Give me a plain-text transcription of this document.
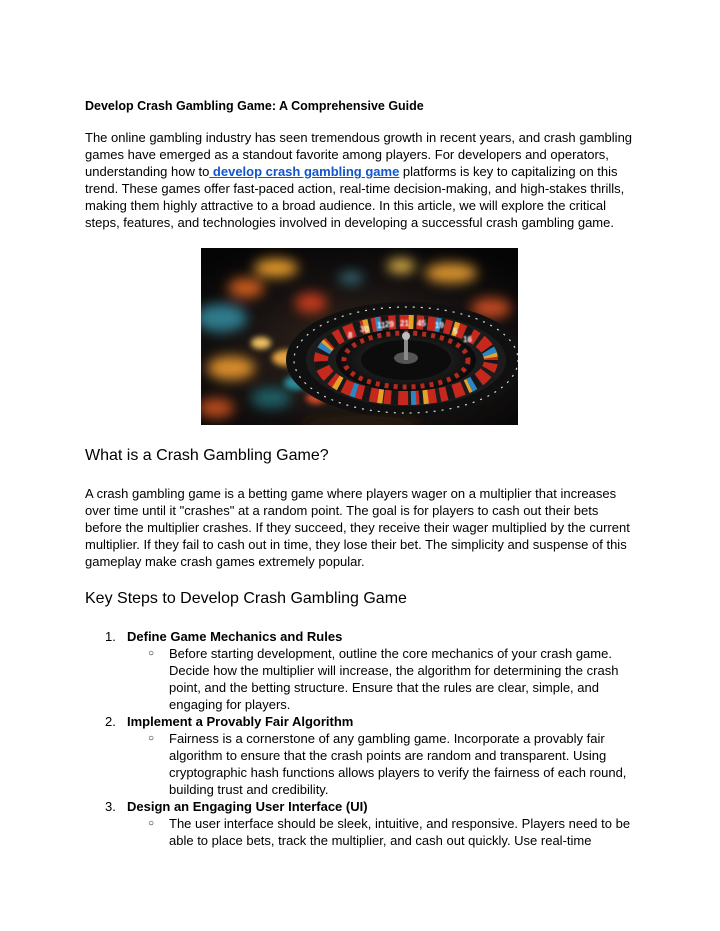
Develop Crash Gambling Game: A Comprehensive Guide

The online gambling industry has seen tremendous growth in recent years, and crash gambling games have emerged as a standout favorite among players. For developers and operators, understanding how to develop crash gambling game platforms is key to capitalizing on this trend. These games offer fast-paced action, real-time decision-making, and high-stakes thrills, making them highly attractive to a broad audience. In this article, we will explore the critical steps, features, and technologies involved in developing a successful crash gambling game.

8
30 11 29 21 45 19
5
16
What is a Crash Gambling Game?

A crash gambling game is a betting game where players wager on a multiplier that increases over time until it "crashes" at a random point. The goal is for players to cash out their bets before the multiplier crashes. If they succeed, they receive their wager multiplied by the current multiplier. If they fail to cash out in time, they lose their bet. The simplicity and suspense of this gameplay make crash games extremely popular.

Key Steps to Develop Crash Gambling Game
1. Define Game Mechanics and Rules
○ Before starting development, outline the core mechanics of your crash game. Decide how the multiplier will increase, the algorithm for determining the crash point, and the betting structure. Ensure that the rules are clear, simple, and engaging for players.
2. Implement a Provably Fair Algorithm
○ Fairness is a cornerstone of any gambling game. Incorporate a provably fair algorithm to ensure that the crash points are random and transparent. Using cryptographic hash functions allows players to verify the fairness of each round, building trust and credibility.
3. Design an Engaging User Interface (UI)
○ The user interface should be sleek, intuitive, and responsive. Players need to be able to place bets, track the multiplier, and cash out quickly. Use real-time
